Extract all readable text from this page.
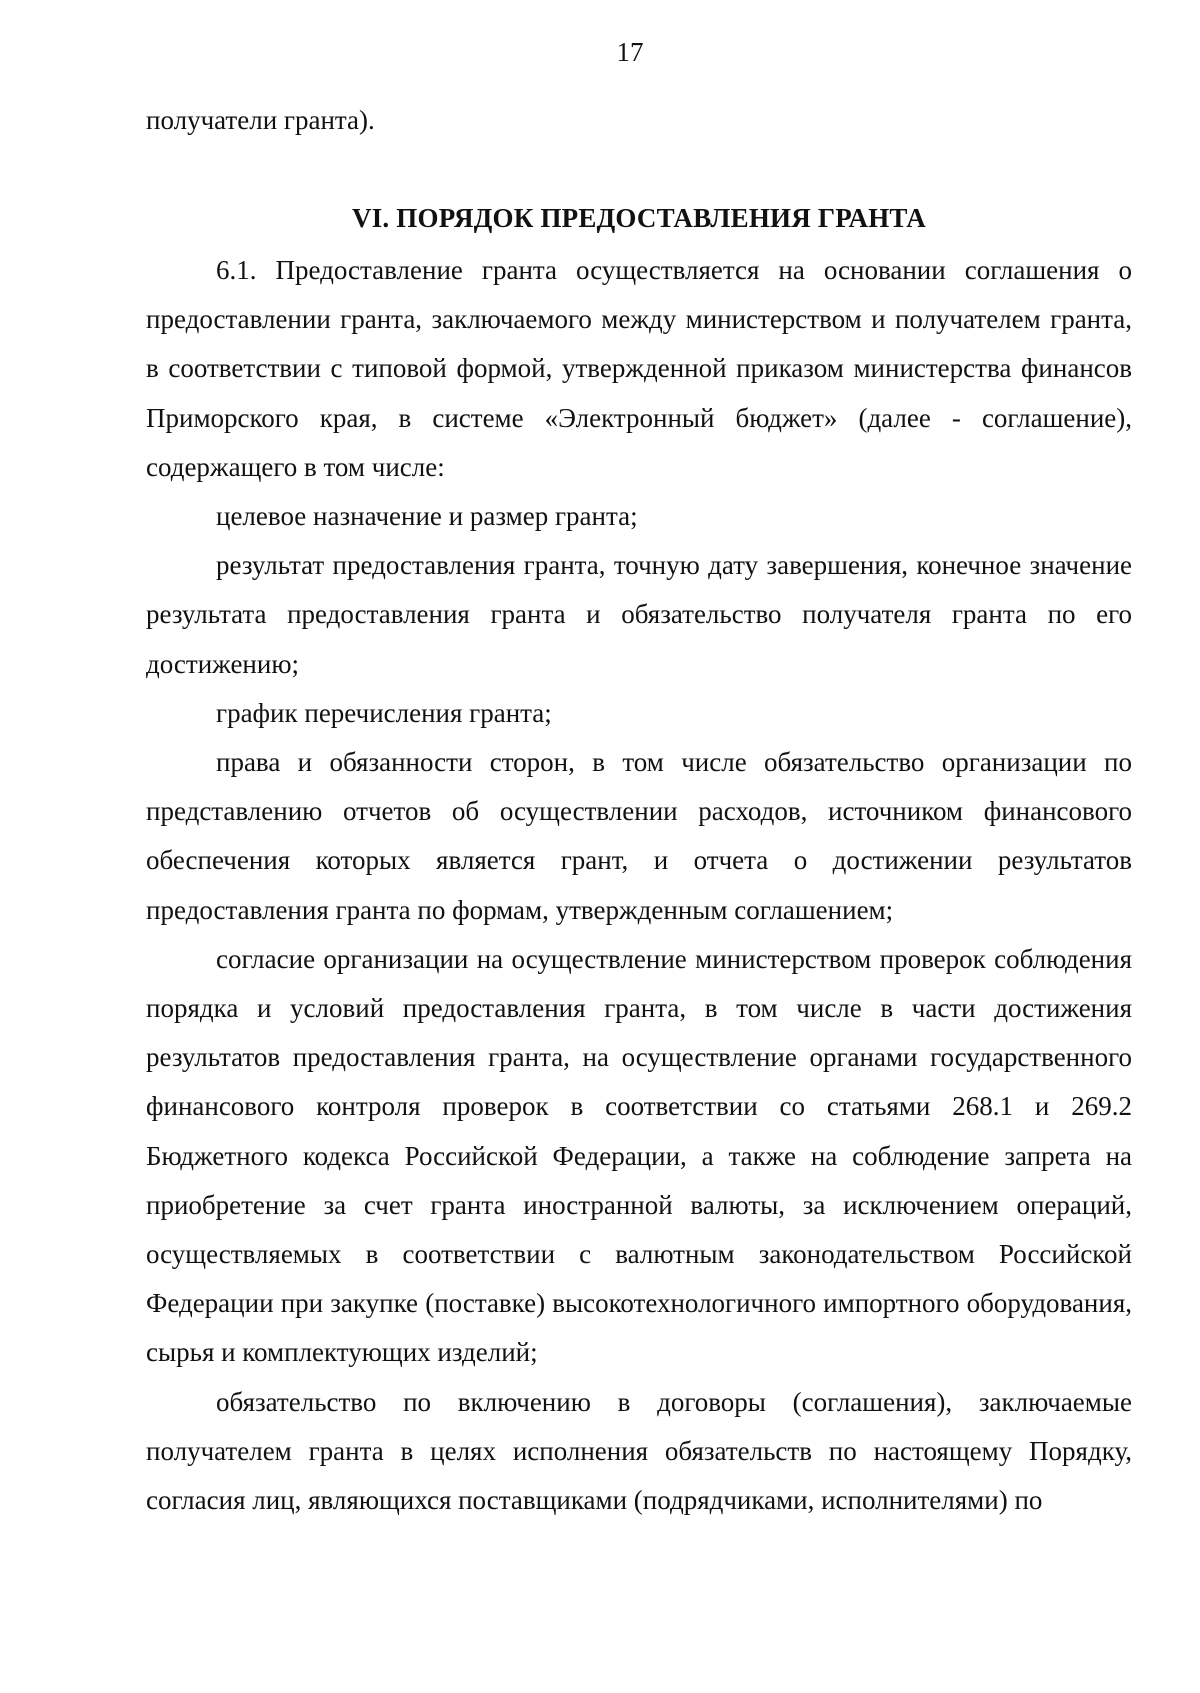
17

получатели гранта).

VI. ПОРЯДОК ПРЕДОСТАВЛЕНИЯ ГРАНТА

6.1. Предоставление гранта осуществляется на основании соглашения о предоставлении гранта, заключаемого между министерством и получателем гранта, в соответствии с типовой формой, утвержденной приказом министерства финансов Приморского края, в системе «Электронный бюджет» (далее - соглашение), содержащего в том числе:

целевое назначение и размер гранта;

результат предоставления гранта, точную дату завершения, конечное значение результата предоставления гранта и обязательство получателя гранта по его достижению;

график перечисления гранта;

права и обязанности сторон, в том числе обязательство организации по представлению отчетов об осуществлении расходов, источником финансового обеспечения которых является грант, и отчета о достижении результатов предоставления гранта по формам, утвержденным соглашением;

согласие организации на осуществление министерством проверок соблюдения порядка и условий предоставления гранта, в том числе в части достижения результатов предоставления гранта, на осуществление органами государственного финансового контроля проверок в соответствии со статьями 268.1 и 269.2 Бюджетного кодекса Российской Федерации, а также на соблюдение запрета на приобретение за счет гранта иностранной валюты, за исключением операций, осуществляемых в соответствии с валютным законодательством Российской Федерации при закупке (поставке) высокотехнологичного импортного оборудования, сырья и комплектующих изделий;

обязательство по включению в договоры (соглашения), заключаемые получателем гранта в целях исполнения обязательств по настоящему Порядку, согласия лиц, являющихся поставщиками (подрядчиками, исполнителями) по
